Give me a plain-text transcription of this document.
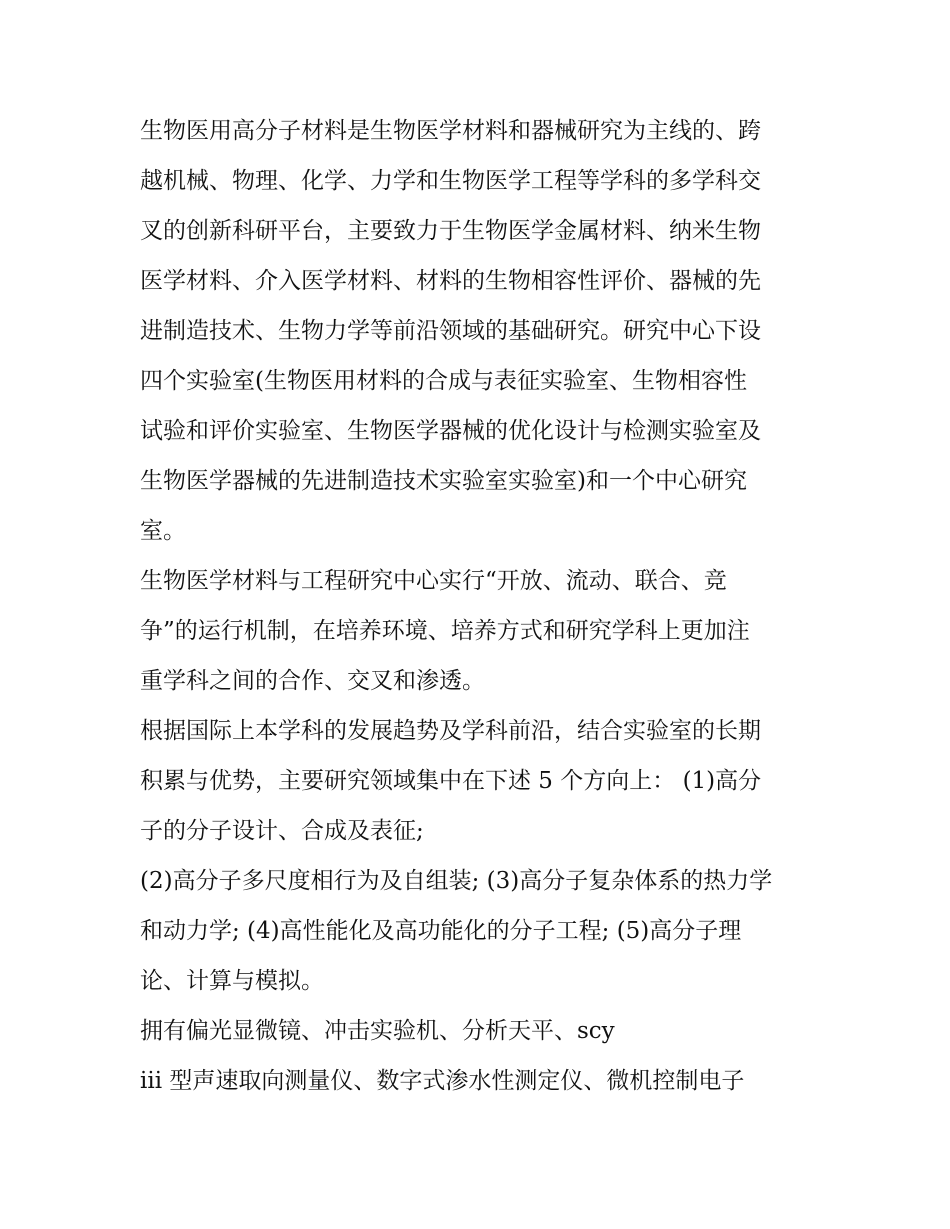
生物医用高分子材料是生物医学材料和器械研究为主线的、跨
越机械、物理、化学、力学和生物医学工程等学科的多学科交
叉的创新科研平台，主要致力于生物医学金属材料、纳米生物
医学材料、介入医学材料、材料的生物相容性评价、器械的先
进制造技术、生物力学等前沿领域的基础研究。研究中心下设
四个实验室(生物医用材料的合成与表征实验室、生物相容性
试验和评价实验室、生物医学器械的优化设计与检测实验室及
生物医学器械的先进制造技术实验室实验室)和一个中心研究
室。
生物医学材料与工程研究中心实行“开放、流动、联合、竞
争”的运行机制，在培养环境、培养方式和研究学科上更加注
重学科之间的合作、交叉和渗透。
根据国际上本学科的发展趋势及学科前沿，结合实验室的长期
积累与优势，主要研究领域集中在下述 5 个方向上： (1)高分
子的分子设计、合成及表征;
(2)高分子多尺度相行为及自组装; (3)高分子复杂体系的热力学
和动力学; (4)高性能化及高功能化的分子工程; (5)高分子理
论、计算与模拟。
拥有偏光显微镜、冲击实验机、分析天平、scy
iii 型声速取向测量仪、数字式渗水性测定仪、微机控制电子
